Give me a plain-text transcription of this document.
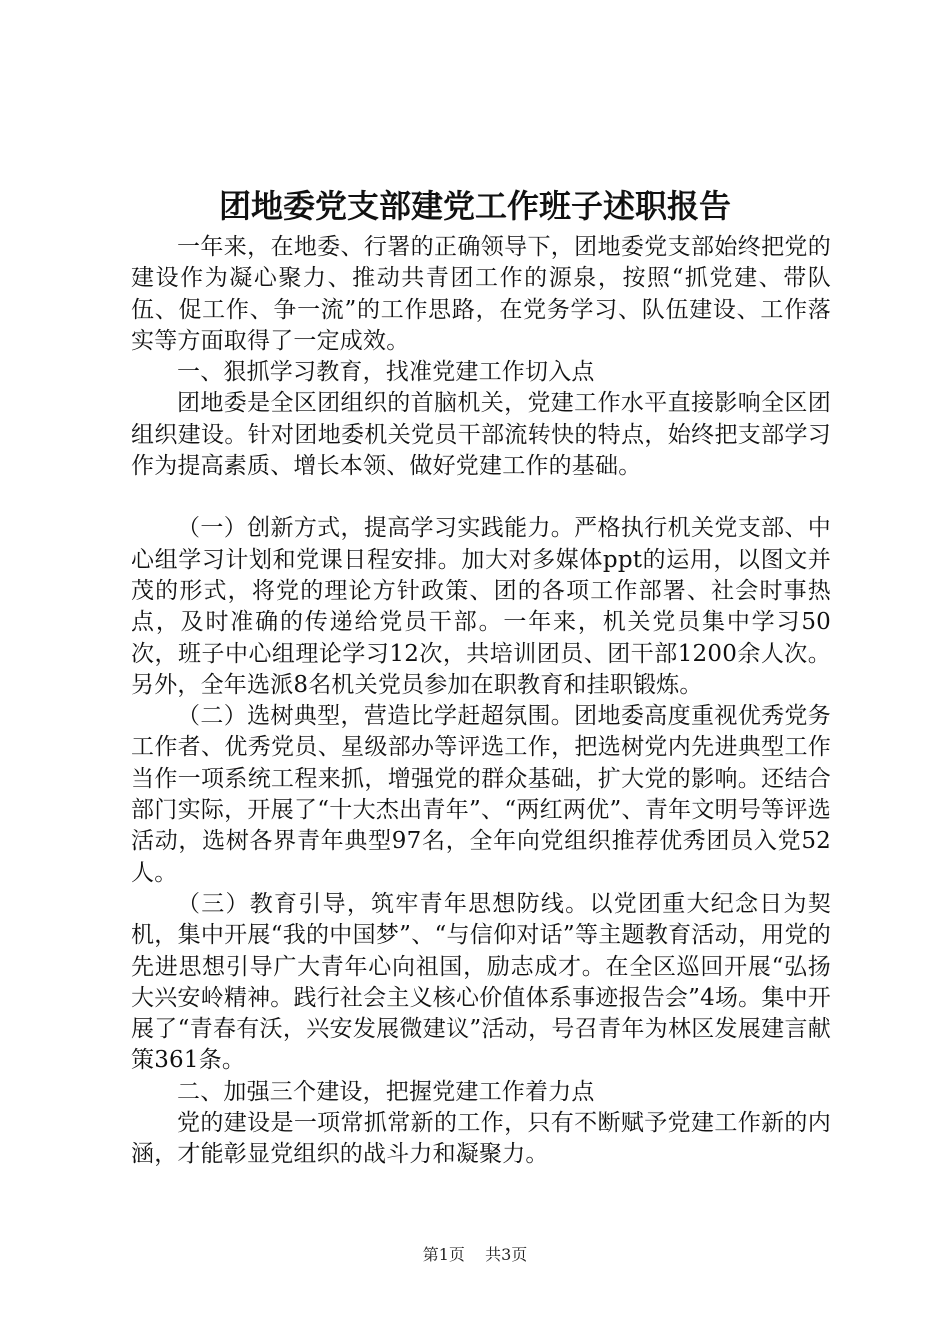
团地委党支部建党工作班子述职报告

一年来，在地委、行署的正确领导下，团地委党支部始终把党的建设作为凝心聚力、推动共青团工作的源泉，按照“抓党建、带队伍、促工作、争一流”的工作思路，在党务学习、队伍建设、工作落实等方面取得了一定成效。

一、狠抓学习教育，找准党建工作切入点

团地委是全区团组织的首脑机关，党建工作水平直接影响全区团组织建设。针对团地委机关党员干部流转快的特点，始终把支部学习作为提高素质、增长本领、做好党建工作的基础。

（一）创新方式，提高学习实践能力。严格执行机关党支部、中心组学习计划和党课日程安排。加大对多媒体ppt的运用，以图文并茂的形式，将党的理论方针政策、团的各项工作部署、社会时事热点，及时准确的传递给党员干部。一年来，机关党员集中学习50次，班子中心组理论学习12次，共培训团员、团干部1200余人次。另外，全年选派8名机关党员参加在职教育和挂职锻炼。

（二）选树典型，营造比学赶超氛围。团地委高度重视优秀党务工作者、优秀党员、星级部办等评选工作，把选树党内先进典型工作当作一项系统工程来抓，增强党的群众基础，扩大党的影响。还结合部门实际，开展了“十大杰出青年”、“两红两优”、青年文明号等评选活动，选树各界青年典型97名，全年向党组织推荐优秀团员入党52人。

（三）教育引导，筑牢青年思想防线。以党团重大纪念日为契机，集中开展“我的中国梦”、“与信仰对话”等主题教育活动，用党的先进思想引导广大青年心向祖国，励志成才。在全区巡回开展“弘扬大兴安岭精神。践行社会主义核心价值体系事迹报告会”4场。集中开展了“青春有沃，兴安发展微建议”活动，号召青年为林区发展建言献策361条。

二、加强三个建设，把握党建工作着力点

党的建设是一项常抓常新的工作，只有不断赋予党建工作新的内涵，才能彰显党组织的战斗力和凝聚力。

第1页 共3页
